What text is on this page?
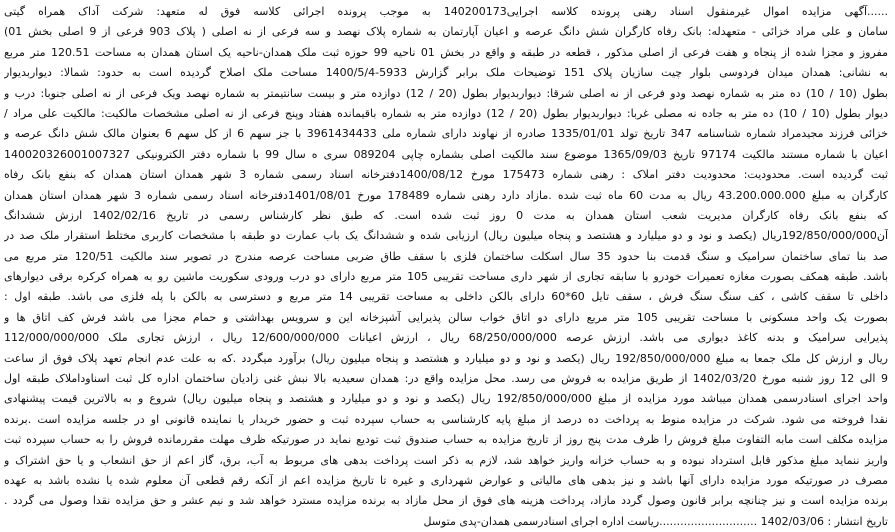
......آگهی مزایده اموال غیرمنقول اسناد رهنی پرونده کلاسه اجرایی140200173 به موجب پرونده اجرائی کلاسه فوق له متعهد: شرکت آداک همراه گیتی
سامان و علی مراد خزائی - متعهدله: بانک رفاه کارگران شش دانگ عرصه و اعیان آپارتمان به شماره پلاک نهصد و سه فرعی از نه اصلی ( پلاک 903 فرعی از 9 اصلی بخش 01)
مفروز و مجزا شده از پنجاه و هفت فرعی از اصلی مذکور ، قطعه در طبقه و واقع در بخش 01 ناحیه 99 حوزه ثبت ملک همدان-ناحیه یک استان همدان به مساحت 120.51 متر مربع
به نشانی: همدان میدان فردوسی بلوار چیت سازیان پلاک 151 توضیحات ملک برابر گزارش 5933-1400/5/4 مساحت ملک اصلاح گردیده است به حدود: شمالا: دیواربدیوار
بطول (10 / 10) ده متر به شماره نهصد ودو فرعی از نه اصلی شرقا: دیواربدیوار بطول (20 / 12) دوازده متر و بیست سانتیمتر به شماره نهصد ویک فرعی از نه اصلی جنوبا: درب و
دیوار بطول (10 / 10) ده متر به جاده نه مصلی غربا: دیواربدیوار بطول (20 / 12) دوازده متر به شماره باقیمانده هفتاد وپنج فرعی از نه اصلی مشخصات مالکیت: مالکیت علی مراد /
خزائی فرزند مجیدمراد شماره شناسنامه 347 تاریخ تولد 1335/01/01 صادره از نهاوند دارای شماره ملی 3961434433 با جز سهم 6 از کل سهم 6 بعنوان مالک شش دانگ عرصه و
اعیان با شماره مستند مالکیت 97174 تاریخ 1365/09/03 موضوع سند مالکیت اصلی بشماره چاپی 089204 سری ه سال 99 با شماره دفتر الکترونیکی 140020326001007327
ثبت گردیده است. محدودیت: محدودیت دفتر املاک : رهنی شماره 175473 مورخ 1400/08/12دفترخانه اسناد رسمی شماره 3 شهر همدان استان همدان که بنفع بانک رفاه
کارگران به مبلغ 43.200.000.000 ریال به مدت 60 ماه ثبت شده .مازاد دارد رهنی شماره 178489 مورخ 1401/08/01دفترخانه اسناد رسمی شماره 3 شهر همدان استان همدان
که بنفع بانک رفاه کارگران مدیریت شعب استان همدان به مدت 0 روز ثبت شده است. که طبق نظر کارشناس رسمی در تاریخ 1402/02/16 ارزش ششدانگ
آن192/850/000/000ریال (یکصد و نود و دو میلیارد و هشتصد و پنجاه میلیون ریال) ارزیابی شده و ششدانگ یک باب عمارت دو طبقه با مشخصات کاربری مختلط استقرار ملک صد در
صد بنا تمای ساختمان سرامیک و سنگ قدمت بنا حدود 35 سال اسکلت ساختمان فلزی با سقف طاق ضربی مساحت عرصه مندرج در تصویر سند مالکیت 120/51 متر مربع می
باشد. طبقه همکف بصورت مغازه تعمیرات خودرو با سابقه تجاری از شهر داری مساحت تقریبی 105 متر مربع دارای دو درب ورودی سکوریت ماشین رو به همراه کرکره برقی دیوارهای
داخلی تا سقف کاشی ، کف سنگ سنگ فرش ، سقف تایل 60*60 دارای بالکن داخلی به مساحت تقریبی 14 متر مربع و دسترسی به بالکن با پله فلزی می باشد. طبقه اول :
بصورت یک واحد مسکونی با مساحت تقریبی 105 متر مربع دارای دو اتاق خواب سالن پذیرایی آشپزخانه این و سرویس بهداشتی و حمام مجزا می باشد فرش کف اتاق ها و
پذیرایی سرامیک و بدنه کاغذ دیواری می باشد. ارزش عرصه 68/250/000/000 ریال ، ارزش اعیانات 12/600/000/000 ریال ، ارزش تجاری ملک 112/000/000/000
ریال و ارزش کل ملک جمعا به مبلغ 192/850/000/000 ریال (یکصد و نود و دو میلیارد و هشتصد و پنجاه میلیون ریال) برآورد میگردد .که به علت عدم انجام تعهد پلاک فوق از ساعت
9 الی 12 روز شنبه مورخ 1402/03/20 از طریق مزایده به فروش می رسد. محل مزایده واقع در: همدان سعیدیه بالا نبش غنی زادیان ساختمان اداره کل ثبت اسناوداملاک طبقه اول
واحد اجرای اسنادرسمی همدان میباشد مورد مزایده از مبلغ 192/850/000/000 ریال (یکصد و نود و دو میلیارد و هشتصد و پنجاه میلیون ریال) شروع و به بالاترین قیمت پیشنهادی
نقدا فروخته می شود. شرکت در مزایده منوط به پرداخت ده درصد از مبلغ پایه کارشناسی به حساب سپرده ثبت و حضور خریدار یا نماینده قانونی او در جلسه مزایده است .برنده
مزایده مکلف است مابه التفاوت مبلغ فروش را ظرف مدت پنج روز از تاریخ مزایده به حساب صندوق ثبت تودیع نماید در صورتیکه ظرف مهلت مقررمانده فروش را به حساب سپرده ثبت
واریز ننماید مبلغ مذکور قابل استرداد نبوده و به حساب خزانه واریز خواهد شد، لازم به ذکر است پرداخت بدهی های مربوط به آب، برق، گاز اعم از حق انشعاب و یا حق اشتراک و
مصرف در صورتیکه مورد مزایده دارای آنها باشد و نیز بدهی های مالیاتی و عوارض شهرداری و غیره تا تاریخ مزایده اعم از آنکه رقم قطعی آن معلوم شده یا نشده باشد به عهده
برنده مزایده است و نیز چنانچه برابر قانون وصول گردد مازاد، پرداخت هزینه های فوق از محل مازاد به برنده مزایده مسترد خواهد شد و نیم عشر و حق مزایده نقدا وصول می گردد .
تاریخ انتشار : 1402/03/06 ............................رياست اداره اجرای اسنادرسمی همدان-پدی متوسل
